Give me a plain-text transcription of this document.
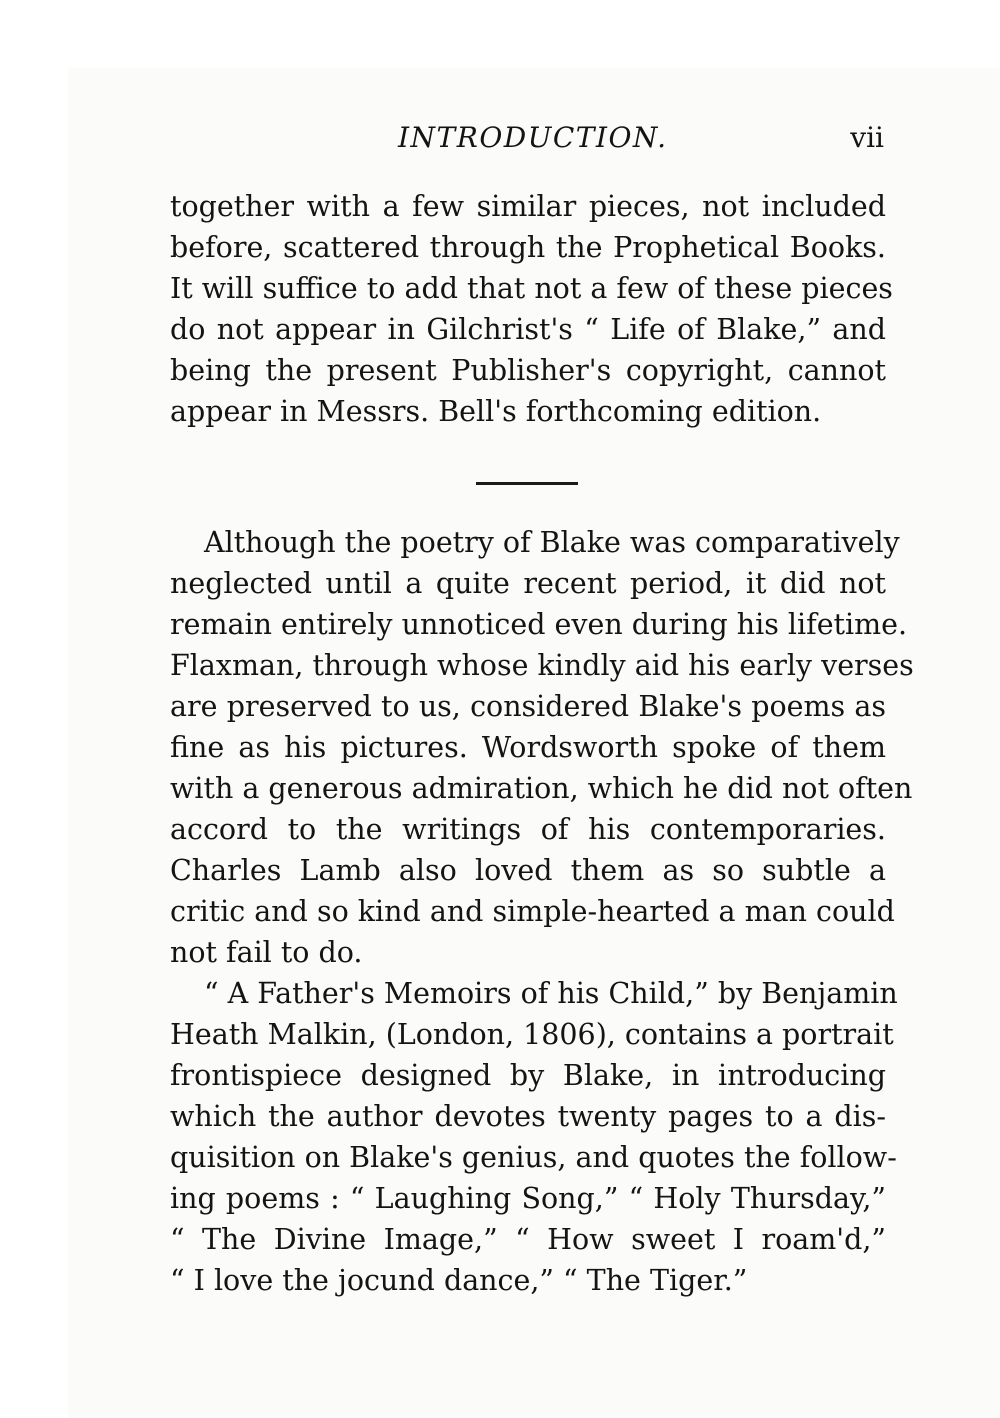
INTRODUCTION.	vii
together with a few similar pieces, not included
before, scattered through the Prophetical Books.
It will suffice to add that not a few of these pieces
do not appear in Gilchrist's “ Life of Blake,” and
being the present Publisher's copyright, cannot
appear in Messrs. Bell's forthcoming edition.
Although the poetry of Blake was comparatively
neglected until a quite recent period, it did not
remain entirely unnoticed even during his lifetime.
Flaxman, through whose kindly aid his early verses
are preserved to us, considered Blake's poems as
fine as his pictures. Wordsworth spoke of them
with a generous admiration, which he did not often
accord to the writings of his contemporaries.
Charles Lamb also loved them as so subtle a
critic and so kind and simple-hearted a man could
not fail to do.
“ A Father's Memoirs of his Child,” by Benjamin
Heath Malkin, (London, 1806), contains a portrait
frontispiece designed by Blake, in introducing
which the author devotes twenty pages to a dis-
quisition on Blake's genius, and quotes the follow-
ing poems : “ Laughing Song,” “ Holy Thursday,”
“ The Divine Image,” “ How sweet I roam'd,”
“ I love the jocund dance,” “ The Tiger.”
